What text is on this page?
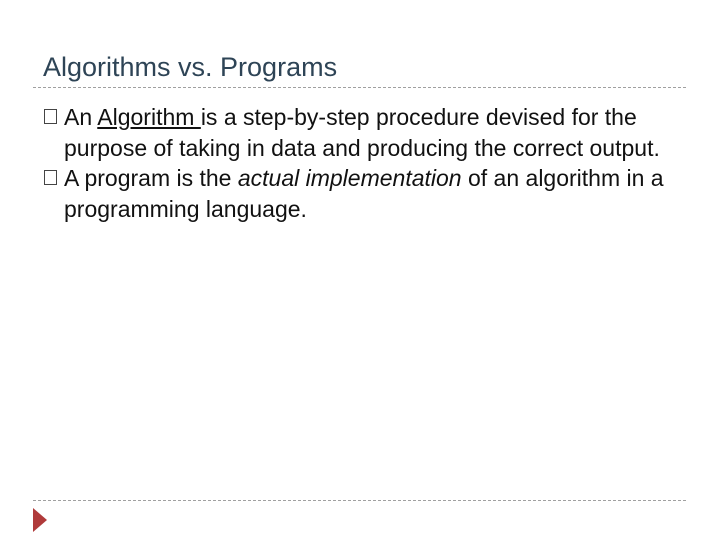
Algorithms vs. Programs
An Algorithm is a step-by-step procedure devised for the purpose of taking in data and producing the correct output.
A program is the actual implementation of an algorithm in a programming language.
